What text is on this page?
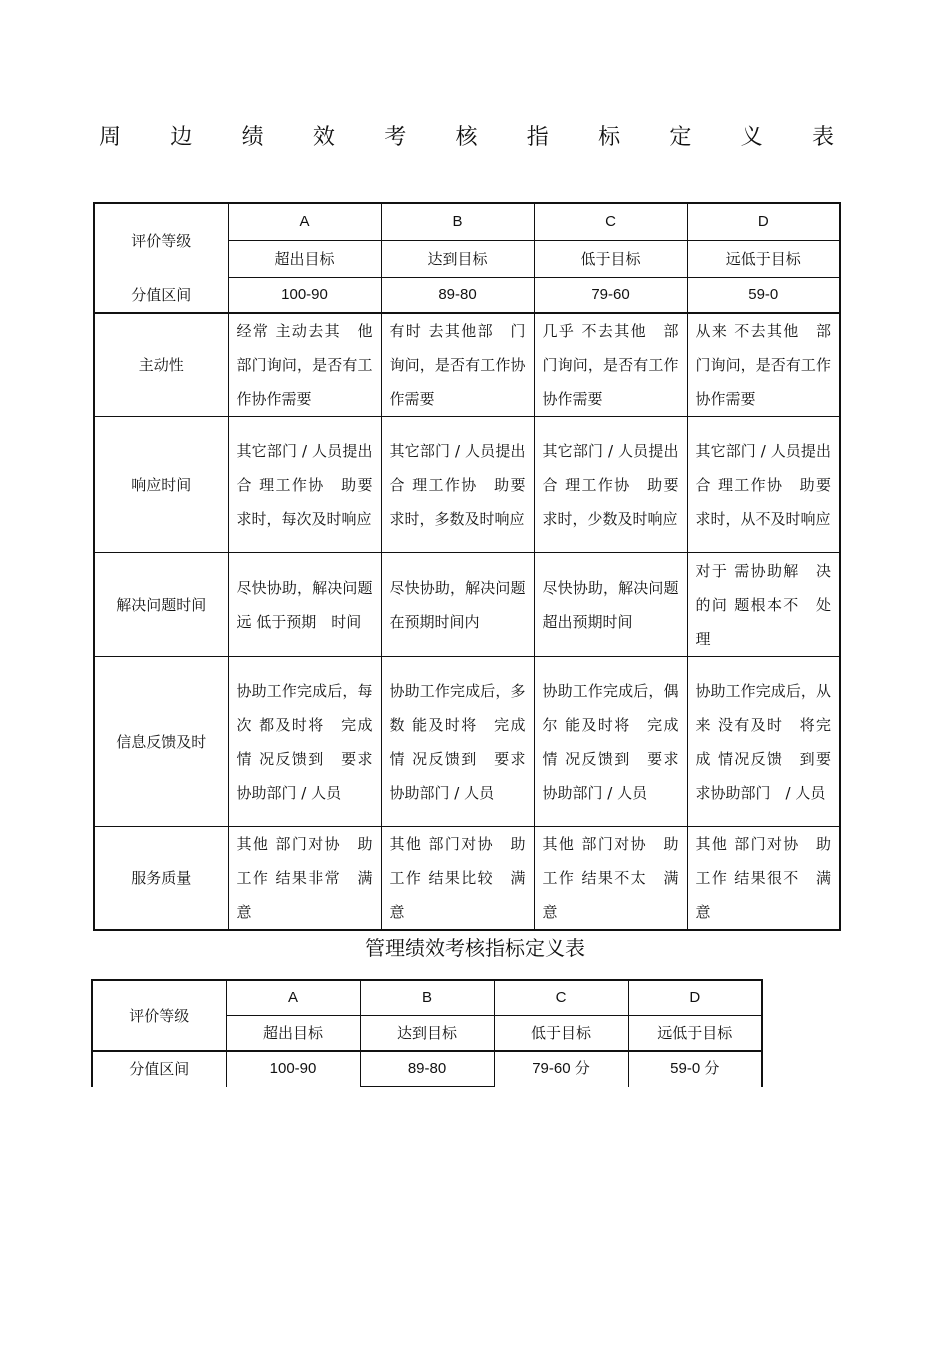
周 边 绩 效 考 核 指 标 定 义 表
评价等级	A	B	C	D
	超出目标	达到目标	低于目标	远低于目标
分值区间	100-90	89-80	79-60	59-0
主动性	经常 主动去其　他部门询问，是否有工作协作需要	有时 去其他部　门询问，是否有工作协作需要	几乎 不去其他　部门询问，是否有工作协作需要	从来 不去其他　部门询问，是否有工作协作需要
响应时间	其它部门 / 人员提出合 理工作协　助要求时，每次及时响应	其它部门 / 人员提出合 理工作协　助要求时，多数及时响应	其它部门 / 人员提出合 理工作协　助要求时，少数及时响应	其它部门 / 人员提出合 理工作协　助要求时，从不及时响应
解决问题时间	尽快协助，解决问题远 低于预期　时间	尽快协助，解决问题在预期时间内	尽快协助，解决问题超出预期时间	对于 需协助解　决的问 题根本不　处理
信息反馈及时	协助工作完成后，每次 都及时将　完成情 况反馈到　要求协助部门 / 人员	协助工作完成后，多数 能及时将　完成情 况反馈到　要求协助部门 / 人员	协助工作完成后，偶尔 能及时将　完成情 况反馈到　要求协助部门 / 人员	协助工作完成后，从来 没有及时　将完成 情况反馈　到要求协助部门　/ 人员
服务质量	其他 部门对协　助工作 结果非常　满意	其他 部门对协　助工作 结果比较　满意	其他 部门对协　助工作 结果不太　满意	其他 部门对协　助工作 结果很不　满意
管理绩效考核指标定义表
评价等级	A	B	C	D
	超出目标	达到目标	低于目标	远低于目标
分值区间	100-90	89-80	79-60 分	59-0 分
